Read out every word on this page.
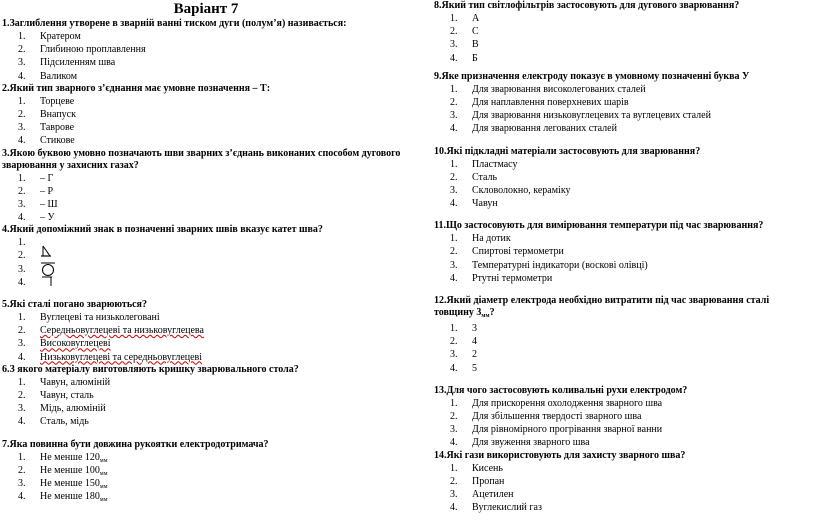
Варіант 7
1.Заглиблення утворене в зварній ванні тиском дуги (полум’я) називається:
1. Кратером
2. Глибиною проплавлення
3. Підсиленням шва
4. Валиком
2.Який тип зварного з’єднання має умовне позначення – Т:
1. Торцеве
2. Внапуск
3. Таврове
4. Стикове
3.Якою буквою умовно позначають шви зварних з’єднань виконаних способом дугового зварювання у захисних газах?
1. – Г
2. – Р
3. – Ш
4. – У
4.Який допоміжний знак в позначенні зварних швів вказує катет шва?
1.
2.
3.
4.
5.Які сталі погано зварюються?
1. Вуглецеві та низьколеговані
2. Середньовуглецеві та низьковуглецева
3. Високовуглецеві
4. Низьковуглецеві та середньовуглецеві
6.З якого матеріалу виготовляють кришку зварювального стола?
1. Чавун, алюміній
2. Чавун, сталь
3. Мідь, алюміній
4. Сталь, мідь
7.Яка повинна бути довжина рукоятки електродотримача?
1. Не менше $120_{мм}$
2. Не менше $100_{мм}$
3. Не менше $150_{мм}$
4. Не менше $180_{мм}$
8.Який тип світлофільтрів застосовують для дугового зварювання?
1. А
2. С
3. В
4. Б
9.Яке призначення електроду показує в умовному позначенні буква У
1. Для зварювання високолегованих сталей
2. Для наплавлення поверхневих шарів
3. Для зварювання низьковуглецевих та вуглецевих сталей
4. Для зварювання легованих сталей
10.Які підкладні матеріали застосовують для зварювання?
1. Пластмасу
2. Сталь
3. Скловолокно, кераміку
4. Чавун
11.Що застосовують для вимірювання температури під час зварювання?
1. На дотик
2. Спиртові термометри
3. Температурні індикатори (воскові олівці)
4. Ртутні термометри
12.Який діаметр електрода необхідно витратити під час зварювання сталі
товщину $3_{мм}$?
1. 3
2. 4
3. 2
4. 5
13.Для чого застосовують коливальні рухи електродом?
1. Для прискорення охолодження зварного шва
2. Для збільшення твердості зварного шва
3. Для рівномірного прогрівання зварної ванни
4. Для звуження зварного шва
14.Які гази використовують для захисту зварного шва?
1. Кисень
2. Пропан
3. Ацетилен
4. Вуглекислий газ
